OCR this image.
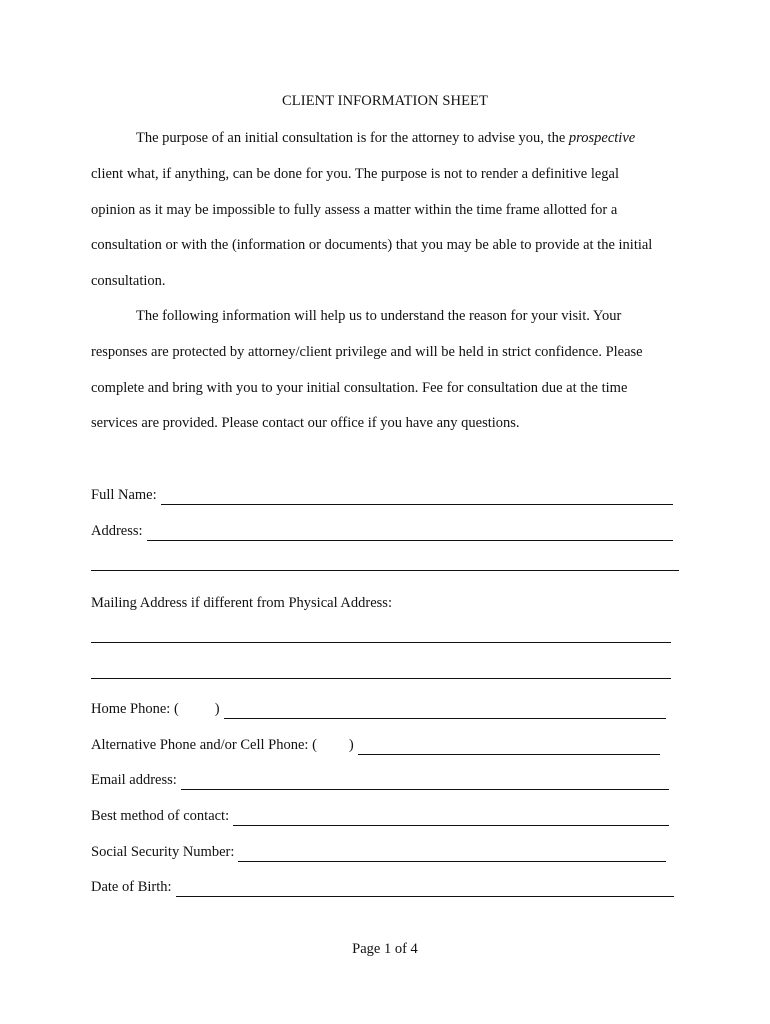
CLIENT INFORMATION SHEET
The purpose of an initial consultation is for the attorney to advise you, the prospective
client what, if anything, can be done for you. The purpose is not to render a definitive legal
opinion as it may be impossible to fully assess a matter within the time frame allotted for a
consultation or with the (information or documents) that you may be able to provide at the initial
consultation.
The following information will help us to understand the reason for your visit. Your
responses are protected by attorney/client privilege and will be held in strict confidence. Please
complete and bring with you to your initial consultation. Fee for consultation due at the time
services are provided. Please contact our office if you have any questions.
Full Name:
Address:
Mailing Address if different from Physical Address:
Home Phone: ( )
Alternative Phone and/or Cell Phone: ( )
Email address:
Best method of contact:
Social Security Number:
Date of Birth:
Page 1 of 4
